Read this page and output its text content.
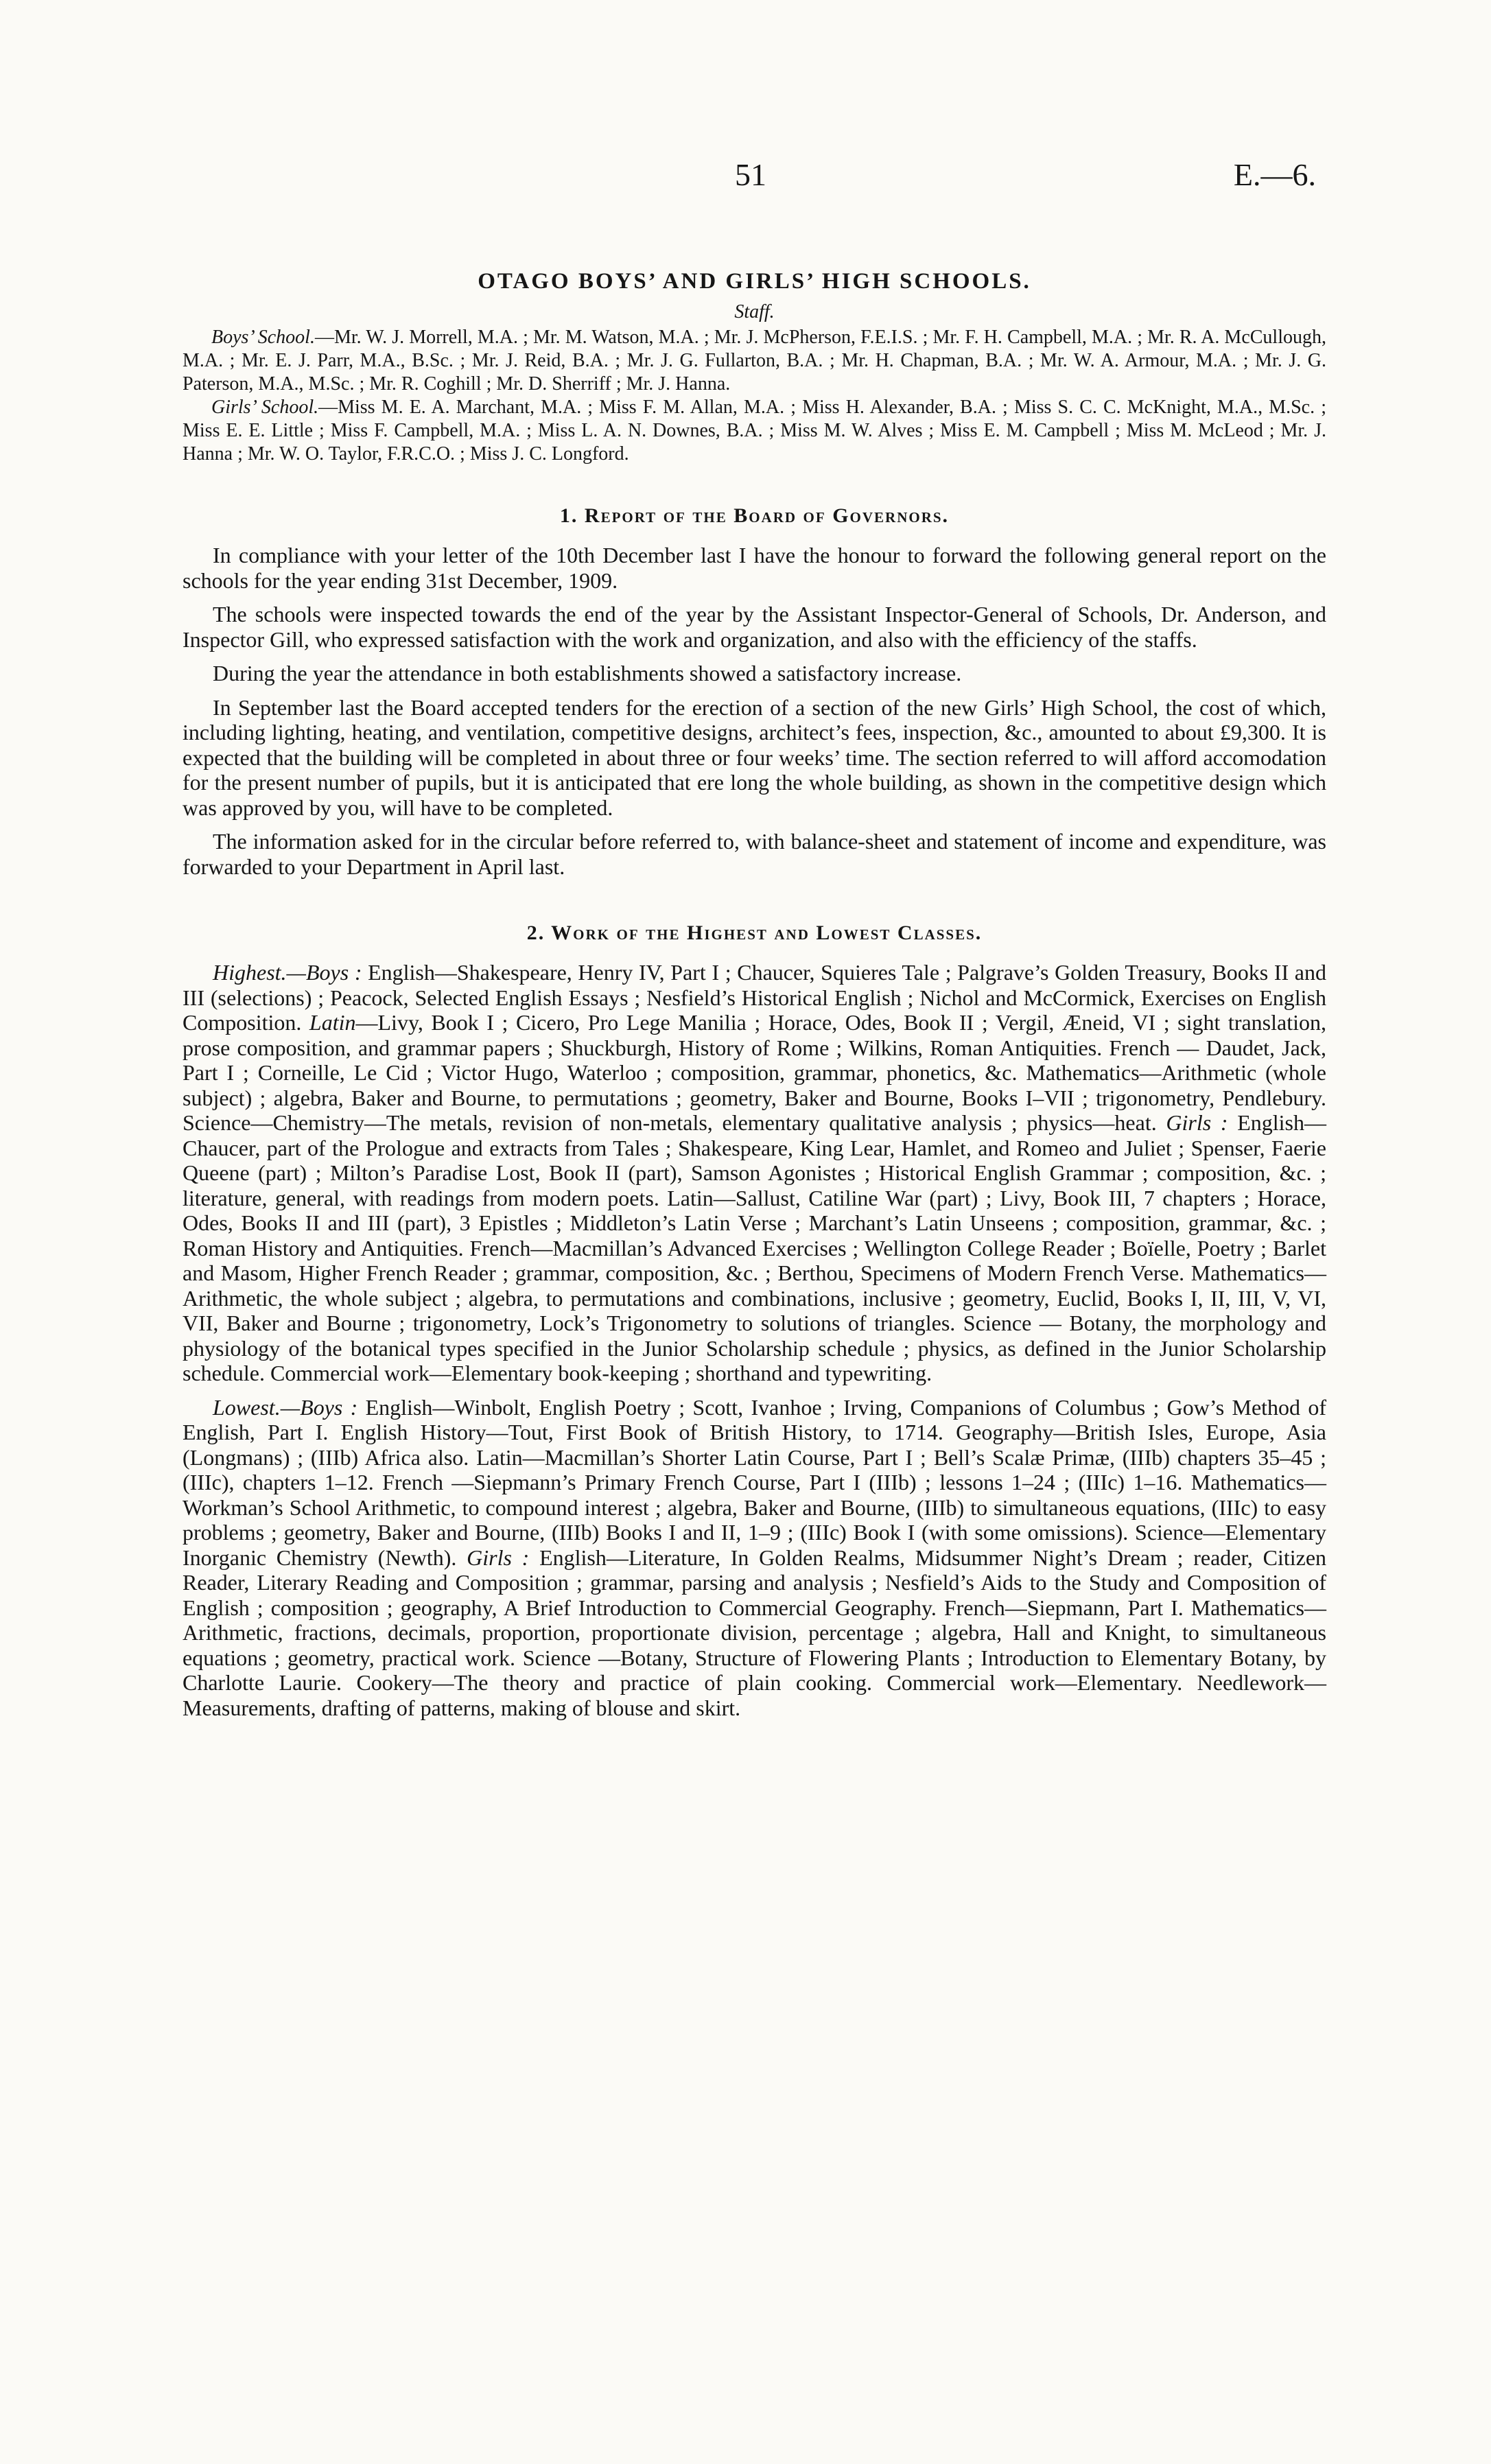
51	E.—6.
OTAGO BOYS’ AND GIRLS’ HIGH SCHOOLS.
Staff.

Boys’ School.—Mr. W. J. Morrell, M.A. ; Mr. M. Watson, M.A. ; Mr. J. McPherson, F.E.I.S. ; Mr. F. H. Campbell, M.A. ; Mr. R. A. McCullough, M.A. ; Mr. E. J. Parr, M.A., B.Sc. ; Mr. J. Reid, B.A. ; Mr. J. G. Fullarton, B.A. ; Mr. H. Chapman, B.A. ; Mr. W. A. Armour, M.A. ; Mr. J. G. Paterson, M.A., M.Sc. ; Mr. R. Coghill ; Mr. D. Sherriff ; Mr. J. Hanna.

Girls’ School.—Miss M. E. A. Marchant, M.A. ; Miss F. M. Allan, M.A. ; Miss H. Alexander, B.A. ; Miss S. C. C. McKnight, M.A., M.Sc. ; Miss E. E. Little ; Miss F. Campbell, M.A. ; Miss L. A. N. Downes, B.A. ; Miss M. W. Alves ; Miss E. M. Campbell ; Miss M. McLeod ; Mr. J. Hanna ; Mr. W. O. Taylor, F.R.C.O. ; Miss J. C. Longford.

1. Report of the Board of Governors.

In compliance with your letter of the 10th December last I have the honour to forward the following general report on the schools for the year ending 31st December, 1909.

The schools were inspected towards the end of the year by the Assistant Inspector-General of Schools, Dr. Anderson, and Inspector Gill, who expressed satisfaction with the work and organization, and also with the efficiency of the staffs.

During the year the attendance in both establishments showed a satisfactory increase.

In September last the Board accepted tenders for the erection of a section of the new Girls’ High School, the cost of which, including lighting, heating, and ventilation, competitive designs, architect’s fees, inspection, &c., amounted to about £9,300. It is expected that the building will be completed in about three or four weeks’ time. The section referred to will afford accomodation for the present number of pupils, but it is anticipated that ere long the whole building, as shown in the competitive design which was approved by you, will have to be completed.

The information asked for in the circular before referred to, with balance-sheet and statement of income and expenditure, was forwarded to your Department in April last.

2. Work of the Highest and Lowest Classes.

Highest.—Boys : English—Shakespeare, Henry IV, Part I ; Chaucer, Squieres Tale ; Palgrave’s Golden Treasury, Books II and III (selections) ; Peacock, Selected English Essays ; Nesfield’s Historical English ; Nichol and McCormick, Exercises on English Composition. Latin—Livy, Book I ; Cicero, Pro Lege Manilia ; Horace, Odes, Book II ; Vergil, Æneid, VI ; sight translation, prose composition, and grammar papers ; Shuckburgh, History of Rome ; Wilkins, Roman Antiquities. French — Daudet, Jack, Part I ; Corneille, Le Cid ; Victor Hugo, Waterloo ; composition, grammar, phonetics, &c. Mathematics—Arithmetic (whole subject) ; algebra, Baker and Bourne, to permutations ; geometry, Baker and Bourne, Books I–VII ; trigonometry, Pendlebury. Science—Chemistry—The metals, revision of non-metals, elementary qualitative analysis ; physics—heat. Girls : English—Chaucer, part of the Prologue and extracts from Tales ; Shakespeare, King Lear, Hamlet, and Romeo and Juliet ; Spenser, Faerie Queene (part) ; Milton’s Paradise Lost, Book II (part), Samson Agonistes ; Historical English Grammar ; composition, &c. ; literature, general, with readings from modern poets. Latin—Sallust, Catiline War (part) ; Livy, Book III, 7 chapters ; Horace, Odes, Books II and III (part), 3 Epistles ; Middleton’s Latin Verse ; Marchant’s Latin Unseens ; composition, grammar, &c. ; Roman History and Antiquities. French—Macmillan’s Advanced Exercises ; Wellington College Reader ; Boïelle, Poetry ; Barlet and Masom, Higher French Reader ; grammar, composition, &c. ; Berthou, Specimens of Modern French Verse. Mathematics—Arithmetic, the whole subject ; algebra, to permutations and combinations, inclusive ; geometry, Euclid, Books I, II, III, V, VI, VII, Baker and Bourne ; trigonometry, Lock’s Trigonometry to solutions of triangles. Science — Botany, the morphology and physiology of the botanical types specified in the Junior Scholarship schedule ; physics, as defined in the Junior Scholarship schedule. Commercial work—Elementary book-keeping ; shorthand and typewriting.

Lowest.—Boys : English—Winbolt, English Poetry ; Scott, Ivanhoe ; Irving, Companions of Columbus ; Gow’s Method of English, Part I. English History—Tout, First Book of British History, to 1714. Geography—British Isles, Europe, Asia (Longmans) ; (IIIb) Africa also. Latin—Macmillan’s Shorter Latin Course, Part I ; Bell’s Scalæ Primæ, (IIIb) chapters 35–45 ; (IIIc), chapters 1–12. French —Siepmann’s Primary French Course, Part I (IIIb) ; lessons 1–24 ; (IIIc) 1–16. Mathematics—Workman’s School Arithmetic, to compound interest ; algebra, Baker and Bourne, (IIIb) to simultaneous equations, (IIIc) to easy problems ; geometry, Baker and Bourne, (IIIb) Books I and II, 1–9 ; (IIIc) Book I (with some omissions). Science—Elementary Inorganic Chemistry (Newth). Girls : English—Literature, In Golden Realms, Midsummer Night’s Dream ; reader, Citizen Reader, Literary Reading and Composition ; grammar, parsing and analysis ; Nesfield’s Aids to the Study and Composition of English ; composition ; geography, A Brief Introduction to Commercial Geography. French—Siepmann, Part I. Mathematics—Arithmetic, fractions, decimals, proportion, proportionate division, percentage ; algebra, Hall and Knight, to simultaneous equations ; geometry, practical work. Science —Botany, Structure of Flowering Plants ; Introduction to Elementary Botany, by Charlotte Laurie. Cookery—The theory and practice of plain cooking. Commercial work—Elementary. Needlework—Measurements, drafting of patterns, making of blouse and skirt.
